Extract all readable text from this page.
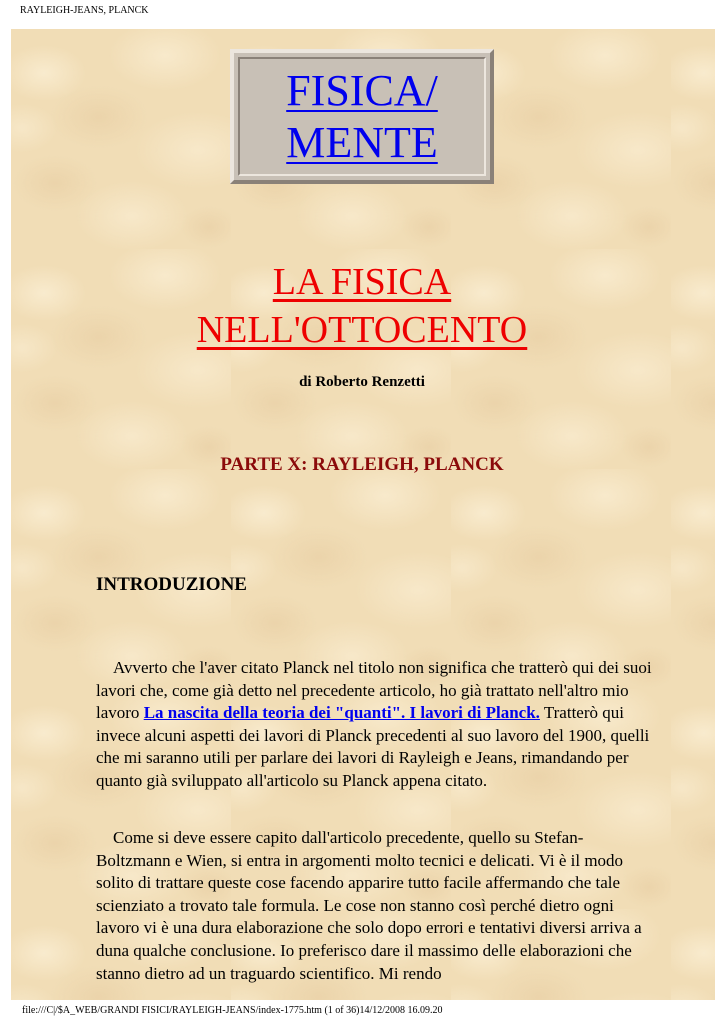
RAYLEIGH-JEANS, PLANCK
FISICA/
MENTE
LA FISICA
NELL'OTTOCENTO
di Roberto Renzetti
PARTE X: RAYLEIGH, PLANCK
INTRODUZIONE

Avverto che l'aver citato Planck nel titolo non significa che tratterò qui dei suoi lavori che, come già detto nel precedente articolo, ho già trattato nell'altro mio lavoro La nascita della teoria dei "quanti". I lavori di Planck. Tratterò qui invece alcuni aspetti dei lavori di Planck precedenti al suo lavoro del 1900, quelli che mi saranno utili per parlare dei lavori di Rayleigh e Jeans, rimandando per quanto già sviluppato all'articolo su Planck appena citato.

Come si deve essere capito dall'articolo precedente, quello su Stefan-Boltzmann e Wien, si entra in argomenti molto tecnici e delicati. Vi è il modo solito di trattare queste cose facendo apparire tutto facile affermando che tale scienziato a trovato tale formula. Le cose non stanno così perché dietro ogni lavoro vi è una dura elaborazione che solo dopo errori e tentativi diversi arriva a duna qualche conclusione. Io preferisco dare il massimo delle elaborazioni che stanno dietro ad un traguardo scientifico. Mi rendo

file:///C|/$A_WEB/GRANDI FISICI/RAYLEIGH-JEANS/index-1775.htm (1 of 36)14/12/2008 16.09.20
